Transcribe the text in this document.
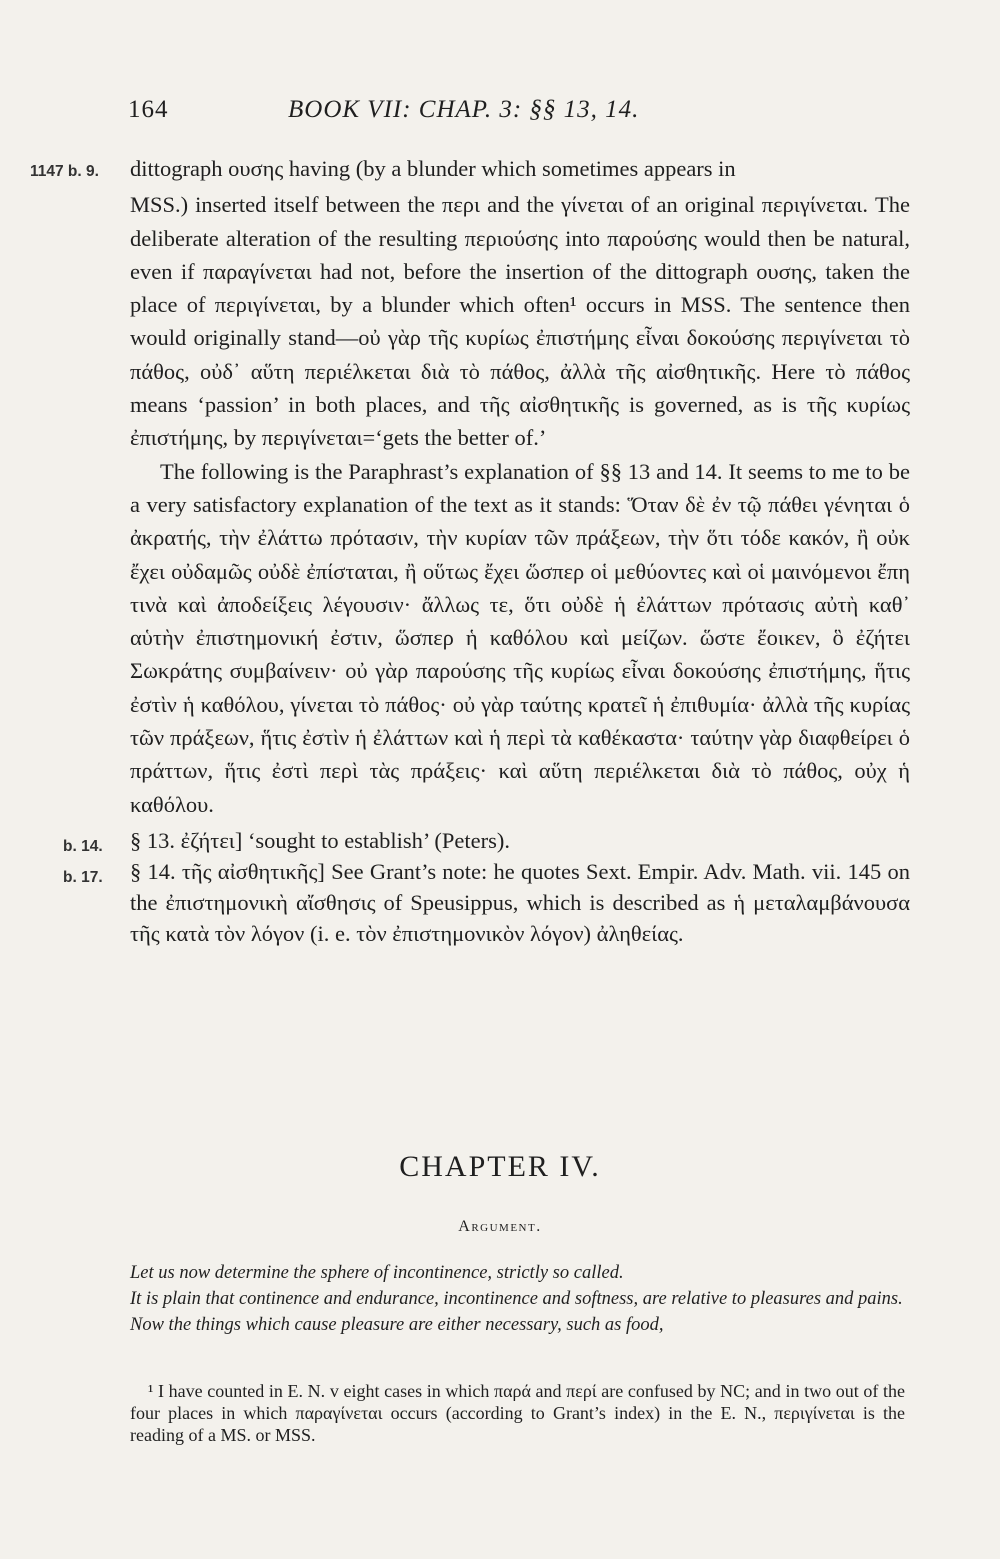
164	BOOK VII: CHAP. 3: §§ 13, 14.

1147 b. 9. dittograph ουσης having (by a blunder which sometimes appears in

MSS.) inserted itself between the περι and the γίνεται of an original περιγίνεται. The deliberate alteration of the resulting περιούσης into παρούσης would then be natural, even if παραγίνεται had not, before the insertion of the dittograph ουσης, taken the place of περιγίνεται, by a blunder which often¹ occurs in MSS. The sentence then would originally stand—οὐ γὰρ τῆς κυρίως ἐπιστήμης εἶναι δοκούσης περιγίνεται τὸ πάθος, οὐδ᾽ αὕτη περιέλκεται διὰ τὸ πάθος, ἀλλὰ τῆς αἰσθητικῆς. Here τὸ πάθος means ‘passion’ in both places, and τῆς αἰσθητικῆς is governed, as is τῆς κυρίως ἐπιστήμης, by περιγίνεται=‘gets the better of.’

The following is the Paraphrast’s explanation of §§ 13 and 14. It seems to me to be a very satisfactory explanation of the text as it stands: Ὅταν δὲ ἐν τῷ πάθει γένηται ὁ ἀκρατής, τὴν ἐλάττω πρότασιν, τὴν κυρίαν τῶν πράξεων, τὴν ὅτι τόδε κακόν, ἢ οὐκ ἔχει οὐδαμῶς οὐδὲ ἐπίσταται, ἢ οὕτως ἔχει ὥσπερ οἱ μεθύοντες καὶ οἱ μαινόμενοι ἔπη τινὰ καὶ ἀποδείξεις λέγουσιν· ἄλλως τε, ὅτι οὐδὲ ἡ ἐλάττων πρότασις αὐτὴ καθ᾽ αὑτὴν ἐπιστημονική ἐστιν, ὥσπερ ἡ καθόλου καὶ μείζων. ὥστε ἔοικεν, ὃ ἐζήτει Σωκράτης συμβαίνειν· οὐ γὰρ παρούσης τῆς κυρίως εἶναι δοκούσης ἐπιστήμης, ἥτις ἐστὶν ἡ καθόλου, γίνεται τὸ πάθος· οὐ γὰρ ταύτης κρατεῖ ἡ ἐπιθυμία· ἀλλὰ τῆς κυρίας τῶν πράξεων, ἥτις ἐστὶν ἡ ἐλάττων καὶ ἡ περὶ τὰ καθέκαστα· ταύτην γὰρ διαφθείρει ὁ πράττων, ἥτις ἐστὶ περὶ τὰς πράξεις· καὶ αὕτη περιέλκεται διὰ τὸ πάθος, οὐχ ἡ καθόλου.

b. 14. § 13. ἐζήτει] ‘sought to establish’ (Peters).

b. 17. § 14. τῆς αἰσθητικῆς] See Grant’s note: he quotes Sext. Empir. Adv. Math. vii. 145 on the ἐπιστημονικὴ αἴσθησις of Speusippus, which is described as ἡ μεταλαμβάνουσα τῆς κατὰ τὸν λόγον (i. e. τὸν ἐπιστημονικὸν λόγον) ἀληθείας.

CHAPTER IV.
Argument.

Let us now determine the sphere of incontinence, strictly so called.

It is plain that continence and endurance, incontinence and softness, are relative to pleasures and pains.

Now the things which cause pleasure are either necessary, such as food,

¹ I have counted in E. N. v eight cases in which παρά and περί are confused by NC; and in two out of the four places in which παραγίνεται occurs (according to Grant’s index) in the E. N., περιγίνεται is the reading of a MS. or MSS.
